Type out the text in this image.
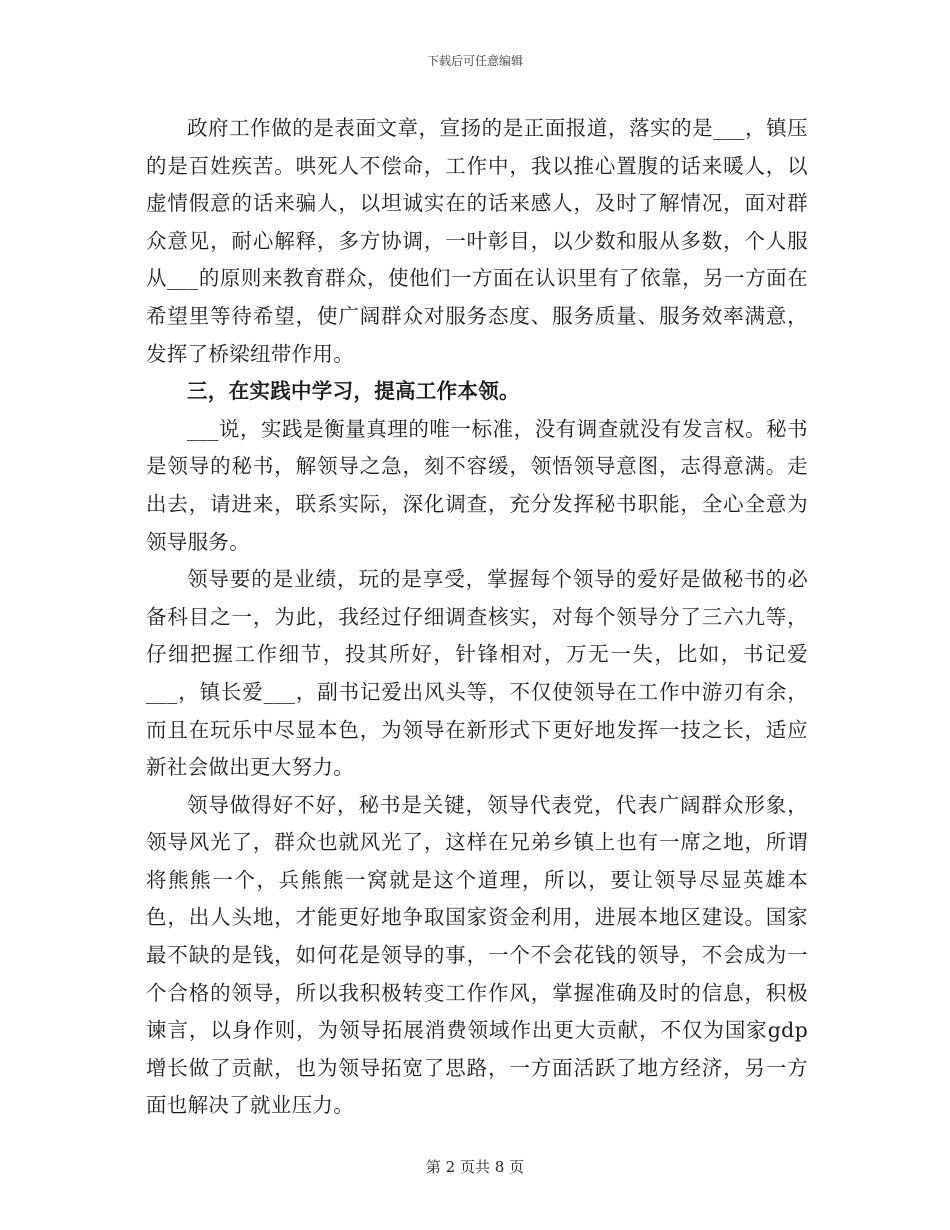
下载后可任意编辑

政府工作做的是表面文章，宣扬的是正面报道，落实的是___，镇压的是百姓疾苦。哄死人不偿命，工作中，我以推心置腹的话来暖人，以虚情假意的话来骗人，以坦诚实在的话来感人，及时了解情况，面对群众意见，耐心解释，多方协调，一叶彰目，以少数和服从多数，个人服从___的原则来教育群众，使他们一方面在认识里有了依靠，另一方面在希望里等待希望，使广阔群众对服务态度、服务质量、服务效率满意，发挥了桥梁纽带作用。

三，在实践中学习，提高工作本领。

___说，实践是衡量真理的唯一标准，没有调查就没有发言权。秘书是领导的秘书，解领导之急，刻不容缓，领悟领导意图，志得意满。走出去，请进来，联系实际，深化调查，充分发挥秘书职能，全心全意为领导服务。

领导要的是业绩，玩的是享受，掌握每个领导的爱好是做秘书的必备科目之一，为此，我经过仔细调查核实，对每个领导分了三六九等，仔细把握工作细节，投其所好，针锋相对，万无一失，比如，书记爱___，镇长爱___，副书记爱出风头等，不仅使领导在工作中游刃有余，而且在玩乐中尽显本色，为领导在新形式下更好地发挥一技之长，适应新社会做出更大努力。

领导做得好不好，秘书是关键，领导代表党，代表广阔群众形象，领导风光了，群众也就风光了，这样在兄弟乡镇上也有一席之地，所谓将熊熊一个，兵熊熊一窝就是这个道理，所以，要让领导尽显英雄本色，出人头地，才能更好地争取国家资金利用，进展本地区建设。国家最不缺的是钱，如何花是领导的事，一个不会花钱的领导，不会成为一个合格的领导，所以我积极转变工作作风，掌握准确及时的信息，积极谏言，以身作则，为领导拓展消费领域作出更大贡献，不仅为国家gdp增长做了贡献，也为领导拓宽了思路，一方面活跃了地方经济，另一方面也解决了就业压力。

第 2 页共 8 页
